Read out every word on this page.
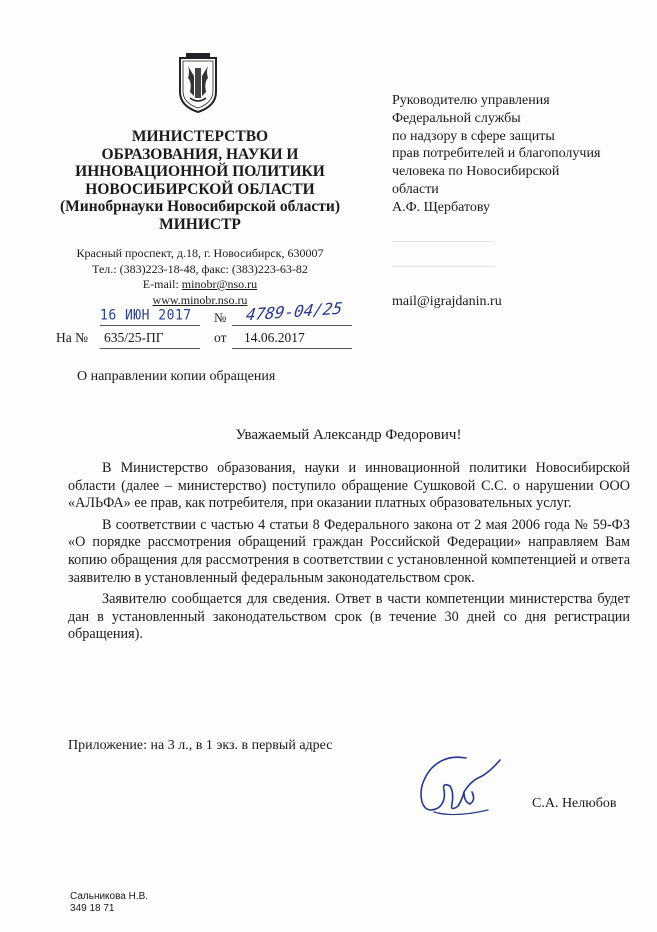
МИНИСТЕРСТВО
ОБРАЗОВАНИЯ, НАУКИ И
ИННОВАЦИОННОЙ ПОЛИТИКИ
НОВОСИБИРСКОЙ ОБЛАСТИ
(Минобрнауки Новосибирской области)
МИНИСТР
Красный проспект, д.18, г. Новосибирск, 630007
Тел.: (383)223-18-48, факс: (383)223-63-82
E-mail: minobr@nso.ru
www.minobr.nso.ru
16 ИЮН 2017 № 4789-04/25
На № 635/25-ПГ	от 14.06.2017
Руководителю управления
Федеральной службы
по надзору в сфере защиты
прав потребителей и благополучия
человека по Новосибирской
области
А.Ф. Щербатову
mail@igrajdanin.ru
О направлении копии обращения
Уважаемый Александр Федорович!

В Министерство образования, науки и инновационной политики Новосибирской области (далее – министерство) поступило обращение Сушковой С.С. о нарушении ООО «АЛЬФА» ее прав, как потребителя, при оказании платных образовательных услуг.

В соответствии с частью 4 статьи 8 Федерального закона от 2 мая 2006 года № 59-ФЗ «О порядке рассмотрения обращений граждан Российской Федерации» направляем Вам копию обращения для рассмотрения в соответствии с установленной компетенцией и ответа заявителю в установленный федеральным законодательством срок.

Заявителю сообщается для сведения. Ответ в части компетенции министерства будет дан в установленный законодательством срок (в течение 30 дней со дня регистрации обращения).

Приложение: на 3 л., в 1 экз. в первый адрес
С.А. Нелюбов
Сальникова Н.В.
349 18 71
